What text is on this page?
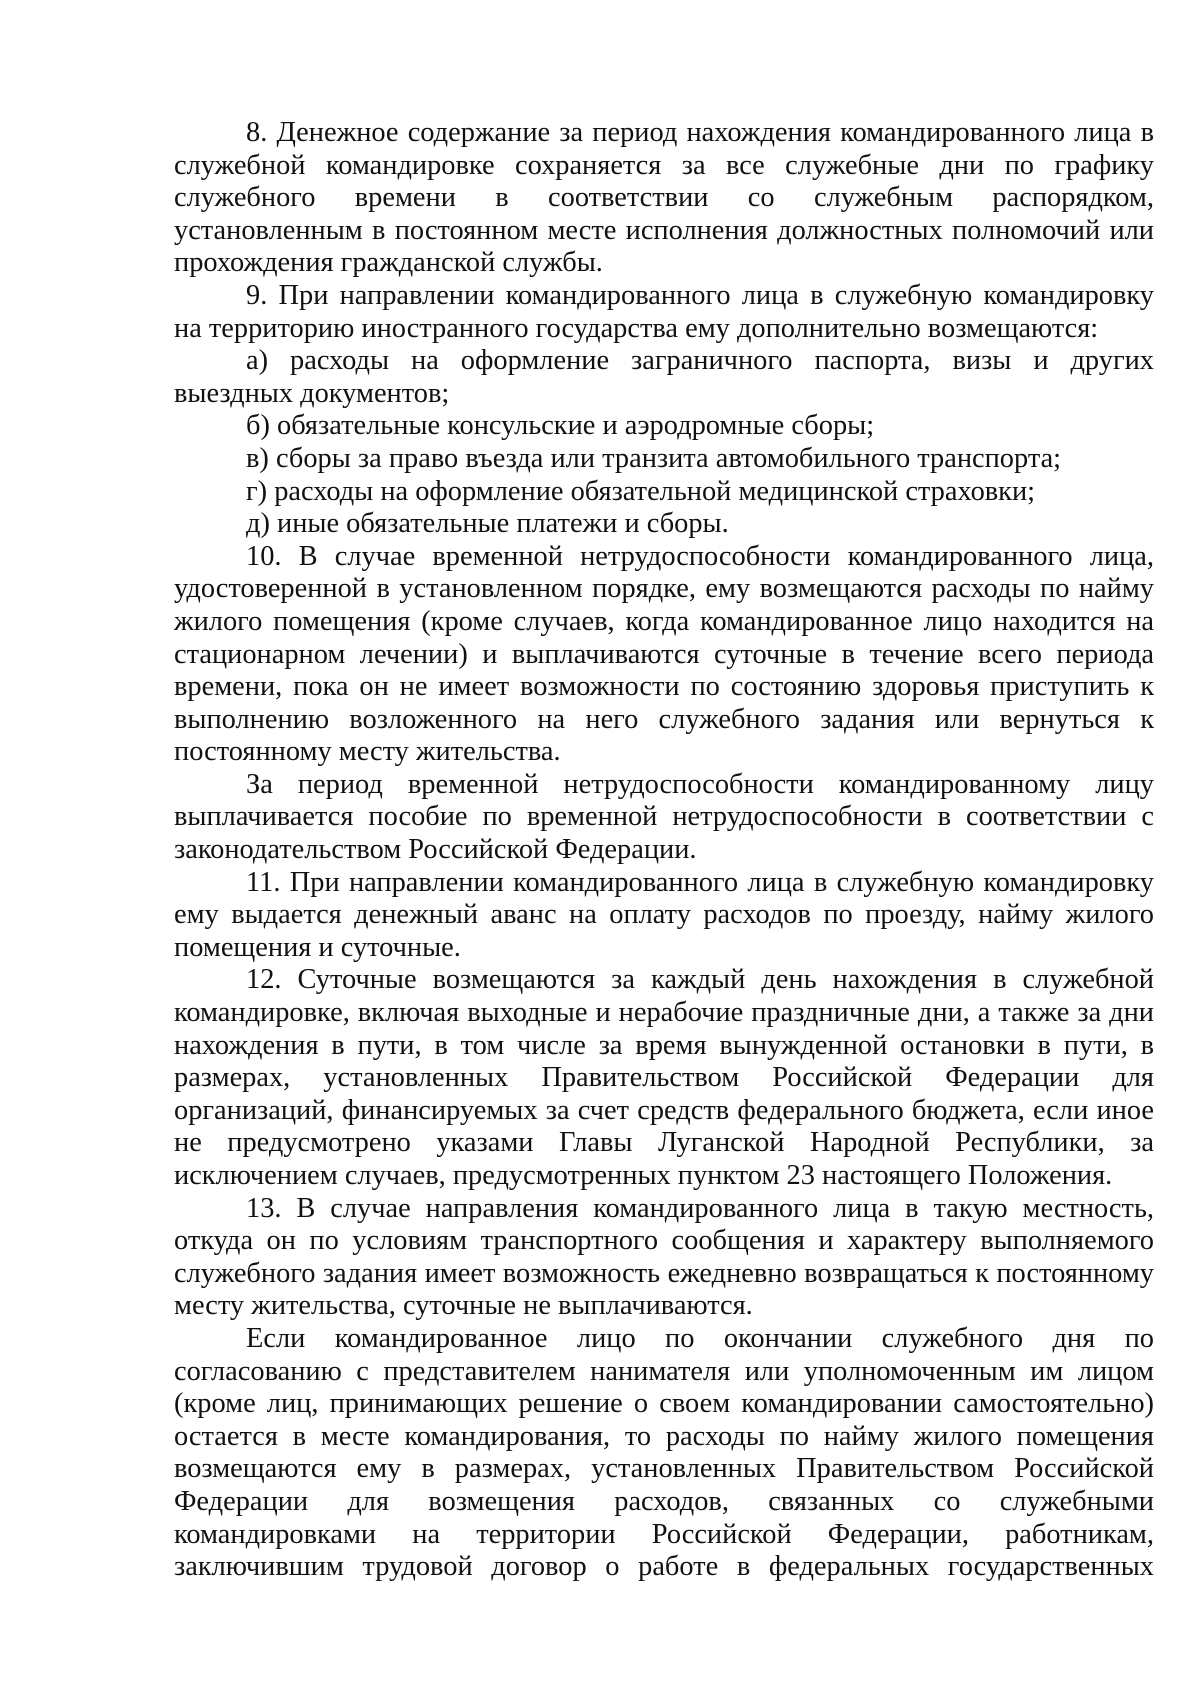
8. Денежное содержание за период нахождения командированного лица в служебной командировке сохраняется за все служебные дни по графику служебного времени в соответствии со служебным распорядком, установленным в постоянном месте исполнения должностных полномочий или прохождения гражданской службы.

9. При направлении командированного лица в служебную командировку на территорию иностранного государства ему дополнительно возмещаются:

а) расходы на оформление заграничного паспорта, визы и других выездных документов;

б) обязательные консульские и аэродромные сборы;

в) сборы за право въезда или транзита автомобильного транспорта;

г) расходы на оформление обязательной медицинской страховки;

д) иные обязательные платежи и сборы.

10. В случае временной нетрудоспособности командированного лица, удостоверенной в установленном порядке, ему возмещаются расходы по найму жилого помещения (кроме случаев, когда командированное лицо находится на стационарном лечении) и выплачиваются суточные в течение всего периода времени, пока он не имеет возможности по состоянию здоровья приступить к выполнению возложенного на него служебного задания или вернуться к постоянному месту жительства.

За период временной нетрудоспособности командированному лицу выплачивается пособие по временной нетрудоспособности в соответствии с законодательством Российской Федерации.

11. При направлении командированного лица в служебную командировку ему выдается денежный аванс на оплату расходов по проезду, найму жилого помещения и суточные.

12. Суточные возмещаются за каждый день нахождения в служебной командировке, включая выходные и нерабочие праздничные дни, а также за дни нахождения в пути, в том числе за время вынужденной остановки в пути, в размерах, установленных Правительством Российской Федерации для организаций, финансируемых за счет средств федерального бюджета, если иное не предусмотрено указами Главы Луганской Народной Республики, за исключением случаев, предусмотренных пунктом 23 настоящего Положения.

13. В случае направления командированного лица в такую местность, откуда он по условиям транспортного сообщения и характеру выполняемого служебного задания имеет возможность ежедневно возвращаться к постоянному месту жительства, суточные не выплачиваются.

Если командированное лицо по окончании служебного дня по согласованию с представителем нанимателя или уполномоченным им лицом (кроме лиц, принимающих решение о своем командировании самостоятельно) остается в месте командирования, то расходы по найму жилого помещения возмещаются ему в размерах, установленных Правительством Российской Федерации для возмещения расходов, связанных со служебными командировками на территории Российской Федерации, работникам, заключившим трудовой договор о работе в федеральных государственных
